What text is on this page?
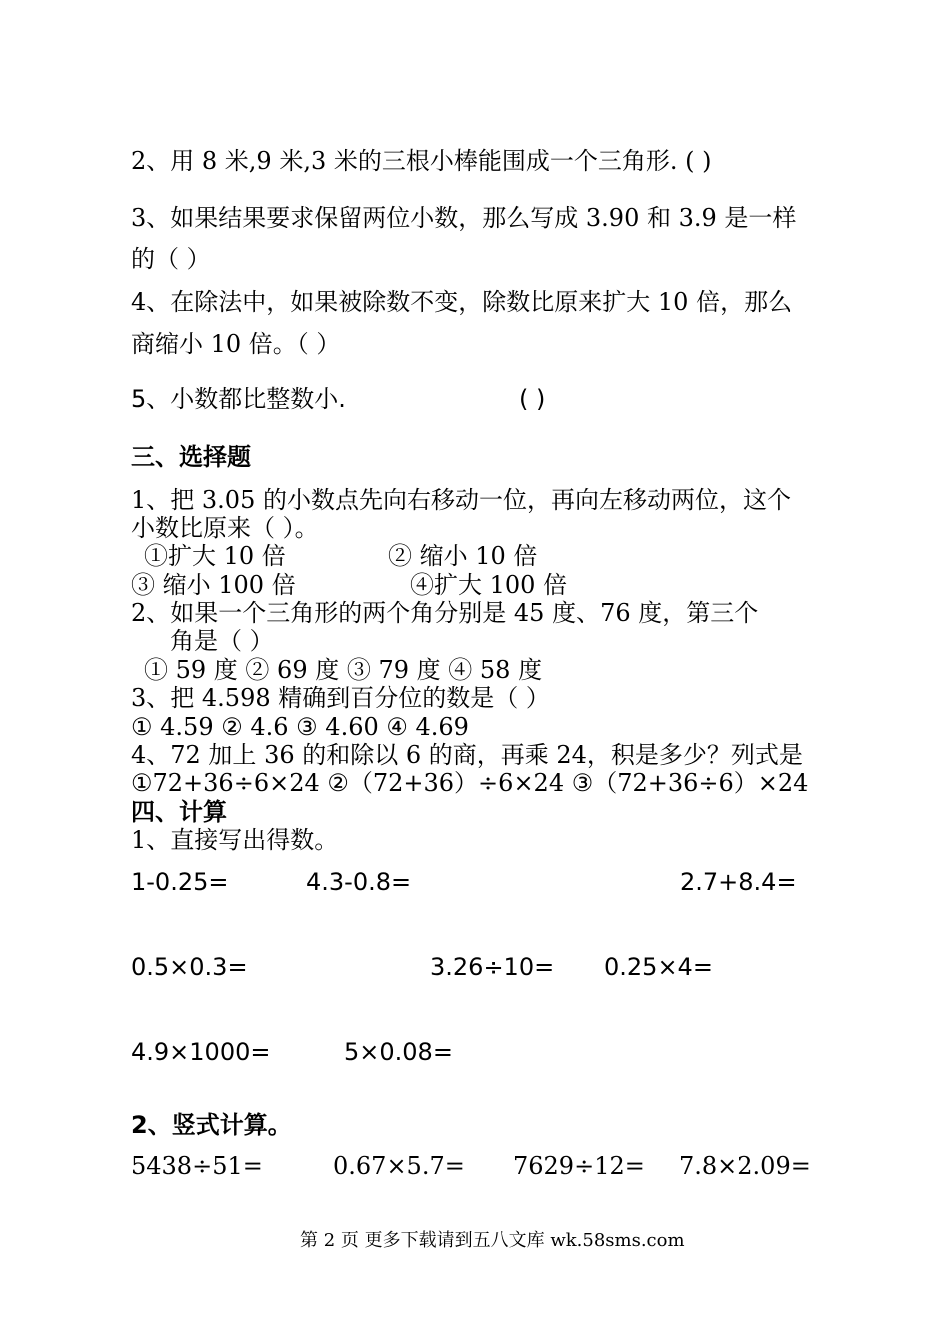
2、用 8 米,9 米,3 米的三根小棒能围成一个三角形. ( )
3、如果结果要求保留两位小数，那么写成 3.90 和 3.9 是一样
的（ ）
4、在除法中，如果被除数不变，除数比原来扩大 10 倍，那么
商缩小 10 倍。（ ）
5、小数都比整数小.	( )
三、选择题
1、把 3.05 的小数点先向右移动一位，再向左移动两位，这个
小数比原来（ ）。
①扩大 10 倍	② 缩小 10 倍
③ 缩小 100 倍	④扩大 100 倍
2、如果一个三角形的两个角分别是 45 度、76 度，第三个
角是（ ）
① 59 度 ② 69 度 ③ 79 度 ④ 58 度
3、把 4.598 精确到百分位的数是（ ）
① 4.59 ② 4.6 ③ 4.60 ④ 4.69
4、72 加上 36 的和除以 6 的商，再乘 24，积是多少？列式是
①72+36÷6×24 ②（72+36）÷6×24 ③（72+36÷6）×24
四、计算
1、直接写出得数。
1-0.25=	4.3-0.8=	2.7+8.4=
0.5×0.3=	3.26÷10= 0.25×4=
4.9×1000=	5×0.08=
2、竖式计算。
5438÷51=	0.67×5.7= 7629÷12= 7.8×2.09=
第 2 页 更多下载请到五八文库 wk.58sms.com
